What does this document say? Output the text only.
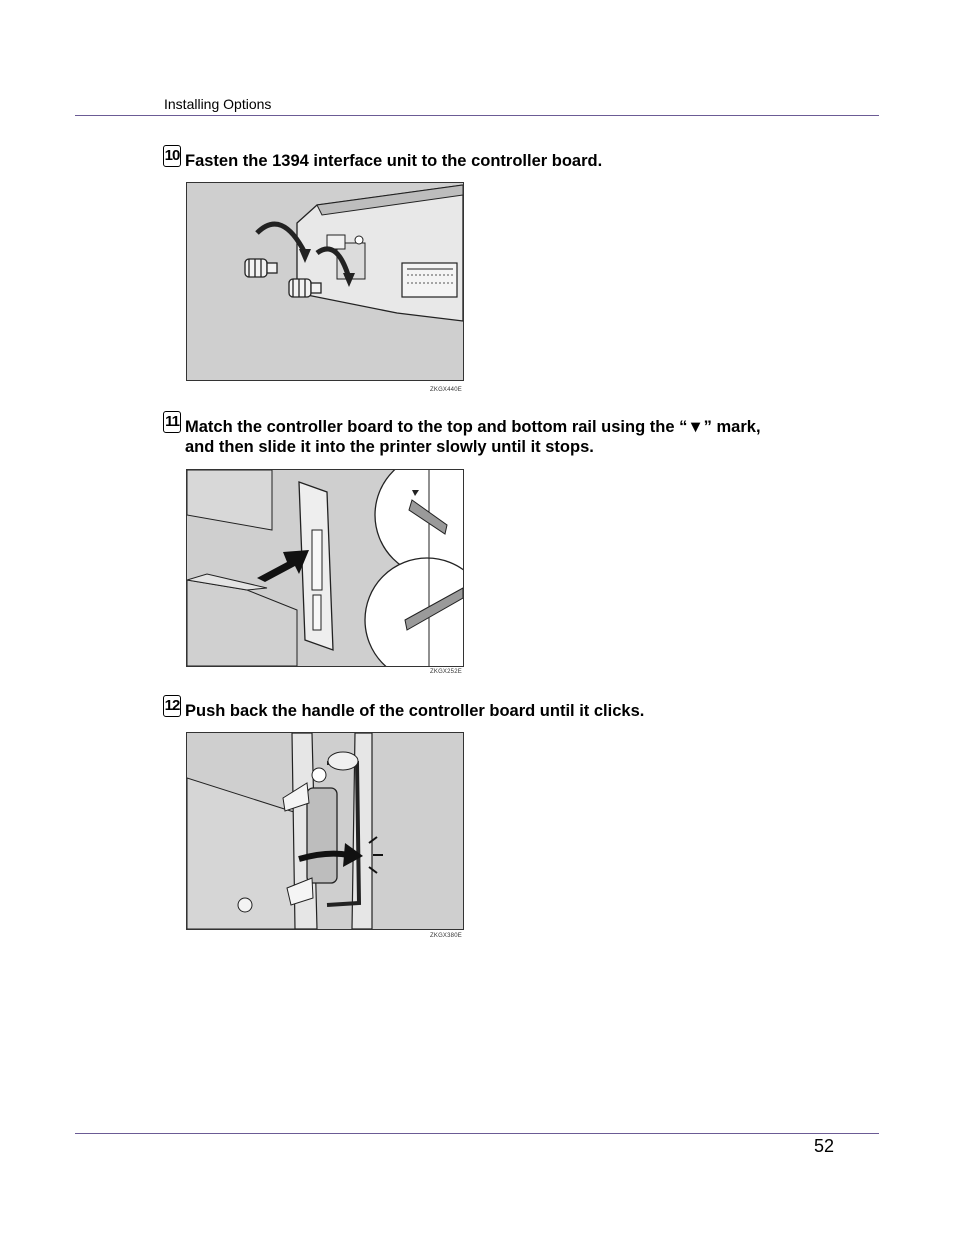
Installing Options
10 Fasten the 1394 interface unit to the controller board.
ZKGX440E
11 Match the controller board to the top and bottom rail using the “▼” mark,
and then slide it into the printer slowly until it stops.
ZKGX252E
12 Push back the handle of the controller board until it clicks.
ZKGX380E
52
